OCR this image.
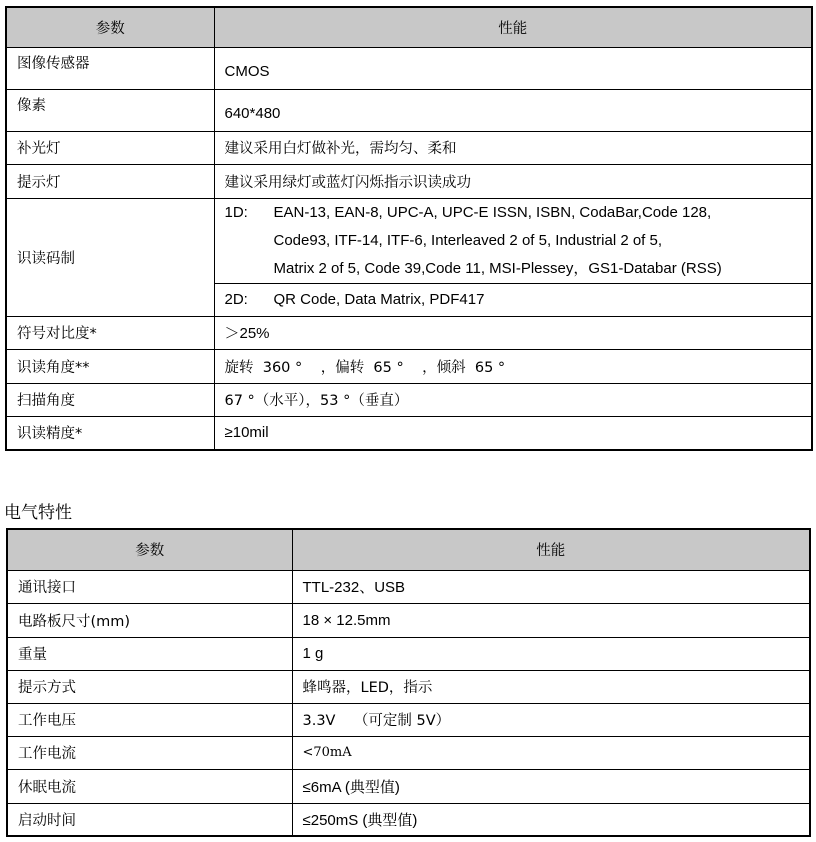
参数	性能
图像传感器	CMOS
像素	640*480
补光灯	建议采用白灯做补光，需均匀、柔和
提示灯	建议采用绿灯或蓝灯闪烁指示识读成功
识读码制	1D: EAN-13, EAN-8, UPC-A, UPC-E ISSN, ISBN, CodaBar,Code 128,
Code93, ITF-14, ITF-6, Interleaved 2 of 5, Industrial 2 of 5,
Matrix 2 of 5, Code 39,Code 11, MSI-Plessey，GS1-Databar (RSS)

	2D: QR Code, Data Matrix, PDF417

符号对比度*	＞25%
识读角度**	旋转  360 °    ，偏转  65 °    ，倾斜  65 °
扫描角度	67 °（水平），53 °（垂直）
识读精度*	≥10mil
电气特性
参数	性能
通讯接口	TTL-232、USB
电路板尺寸(mm)	18 × 12.5mm
重量	1 g
提示方式	蜂鸣器，LED，指示
工作电压	3.3V    （可定制 5V）
工作电流	<70mA
休眠电流	≤6mA (典型值)
启动时间	≤250mS (典型值)
